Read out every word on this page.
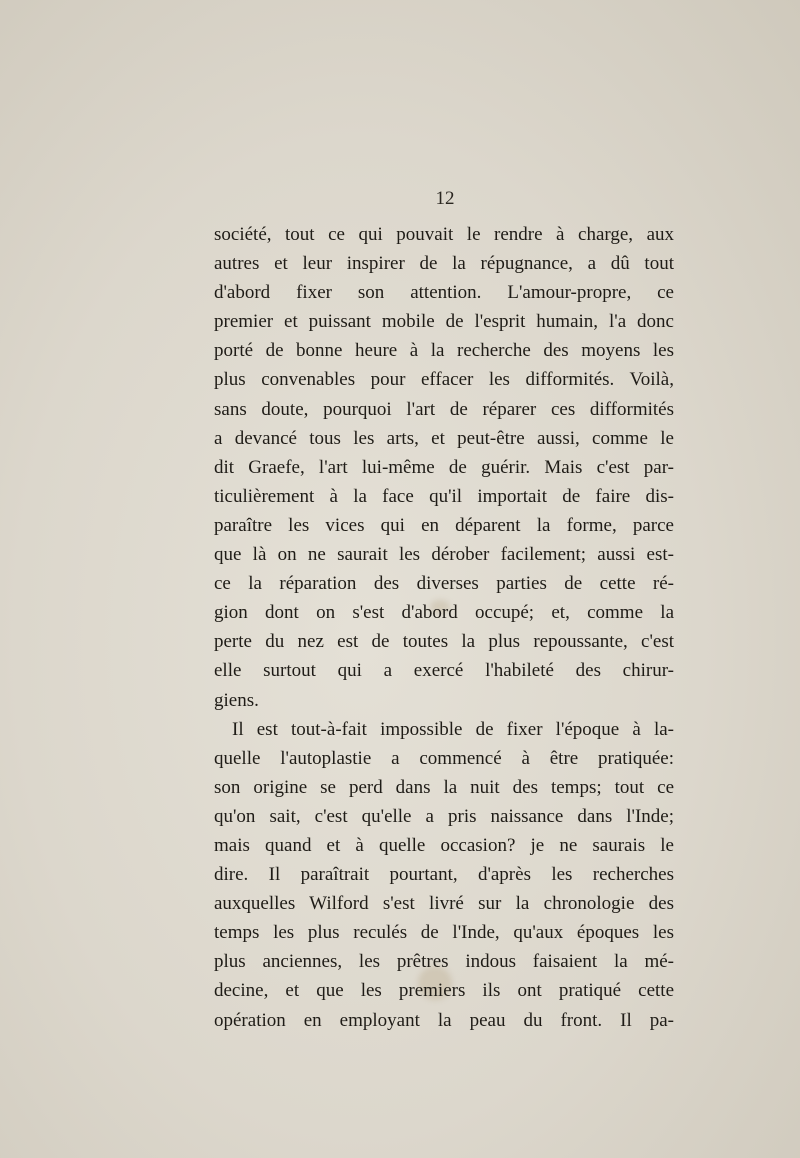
12
société, tout ce qui pouvait le rendre à charge, aux
autres et leur inspirer de la répugnance, a dû tout
d'abord fixer son attention. L'amour-propre, ce
premier et puissant mobile de l'esprit humain, l'a donc
porté de bonne heure à la recherche des moyens les
plus convenables pour effacer les difformités. Voilà,
sans doute, pourquoi l'art de réparer ces difformités
a devancé tous les arts, et peut-être aussi, comme le
dit Graefe, l'art lui-même de guérir. Mais c'est par-
ticulièrement à la face qu'il importait de faire dis-
paraître les vices qui en déparent la forme, parce
que là on ne saurait les dérober facilement; aussi est-
ce la réparation des diverses parties de cette ré-
gion dont on s'est d'abord occupé; et, comme la
perte du nez est de toutes la plus repoussante, c'est
elle surtout qui a exercé l'habileté des chirur-
giens.
Il est tout-à-fait impossible de fixer l'époque à la-
quelle l'autoplastie a commencé à être pratiquée:
son origine se perd dans la nuit des temps; tout ce
qu'on sait, c'est qu'elle a pris naissance dans l'Inde;
mais quand et à quelle occasion? je ne saurais le
dire. Il paraîtrait pourtant, d'après les recherches
auxquelles Wilford s'est livré sur la chronologie des
temps les plus reculés de l'Inde, qu'aux époques les
plus anciennes, les prêtres indous faisaient la mé-
decine, et que les premiers ils ont pratiqué cette
opération en employant la peau du front. Il pa-
